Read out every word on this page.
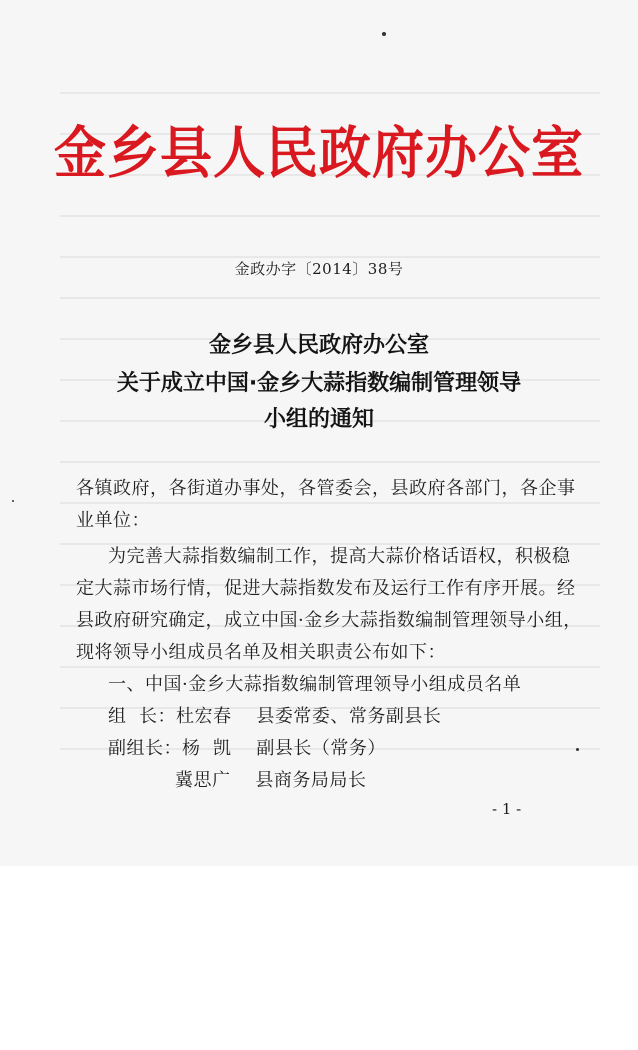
金乡县人民政府办公室
金政办字〔2014〕38号
金乡县人民政府办公室
关于成立中国·金乡大蒜指数编制管理领导
小组的通知
各镇政府，各街道办事处，各管委会，县政府各部门，各企事
业单位：
为完善大蒜指数编制工作，提高大蒜价格话语权，积极稳
定大蒜市场行情，促进大蒜指数发布及运行工作有序开展。经
县政府研究确定，成立中国·金乡大蒜指数编制管理领导小组，
现将领导小组成员名单及相关职责公布如下：
一、中国·金乡大蒜指数编制管理领导小组成员名单
组  长：杜宏春    县委常委、常务副县长
副组长：杨  凯    副县长（常务）
冀思广    县商务局局长
- 1 -
